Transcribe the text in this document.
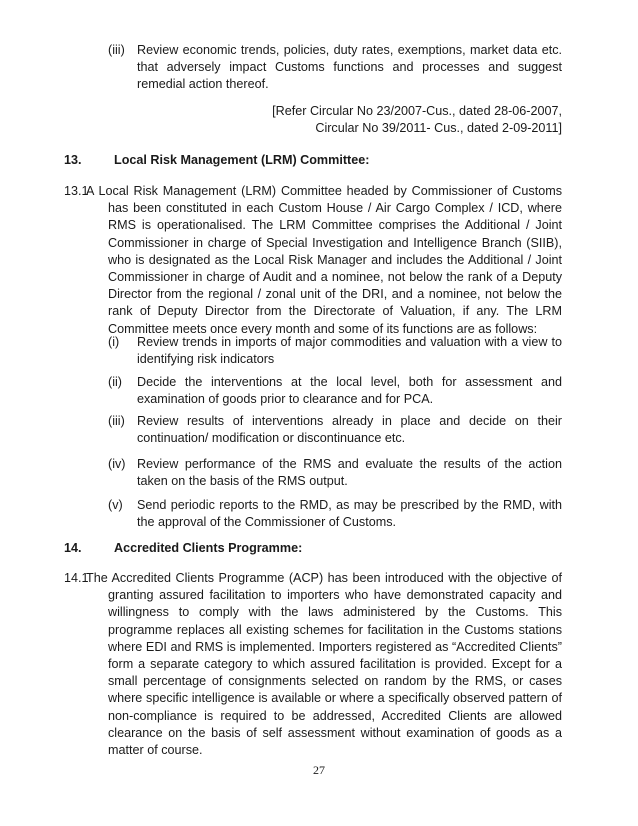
(iii) Review economic trends, policies, duty rates, exemptions, market data etc. that adversely impact Customs functions and processes and suggest remedial action thereof.
[Refer Circular No 23/2007-Cus., dated 28-06-2007,
Circular No 39/2011- Cus., dated 2-09-2011]
13.	Local Risk Management (LRM) Committee:
13.1
A Local Risk Management (LRM) Committee headed by Commissioner of Customs has been constituted in each Custom House / Air Cargo Complex / ICD, where RMS is operationalised. The LRM Committee comprises the Additional / Joint Commissioner in charge of Special Investigation and Intelligence Branch (SIIB), who is designated as the Local Risk Manager and includes the Additional / Joint Commissioner in charge of Audit and a nominee, not below the rank of a Deputy Director from the regional / zonal unit of the DRI, and a nominee, not below the rank of Deputy Director from the Directorate of Valuation, if any. The LRM Committee meets once every month and some of its functions are as follows:
(i) Review trends in imports of major commodities and valuation with a view to identifying risk indicators
(ii) Decide the interventions at the local level, both for assessment and examination of goods prior to clearance and for PCA.
(iii) Review results of interventions already in place and decide on their continuation/ modification or discontinuance etc.
(iv) Review performance of the RMS and evaluate the results of the action taken on the basis of the RMS output.
(v) Send periodic reports to the RMD, as may be prescribed by the RMD, with the approval of the Commissioner of Customs.
14.	Accredited Clients Programme:
14.1
The Accredited Clients Programme (ACP) has been introduced with the objective of granting assured facilitation to importers who have demonstrated capacity and willingness to comply with the laws administered by the Customs. This programme replaces all existing schemes for facilitation in the Customs stations where EDI and RMS is implemented. Importers registered as “Accredited Clients” form a separate category to which assured facilitation is provided. Except for a small percentage of consignments selected on random by the RMS, or cases where specific intelligence is available or where a specifically observed pattern of non-compliance is required to be addressed, Accredited Clients are allowed clearance on the basis of self assessment without examination of goods as a matter of course.
27
